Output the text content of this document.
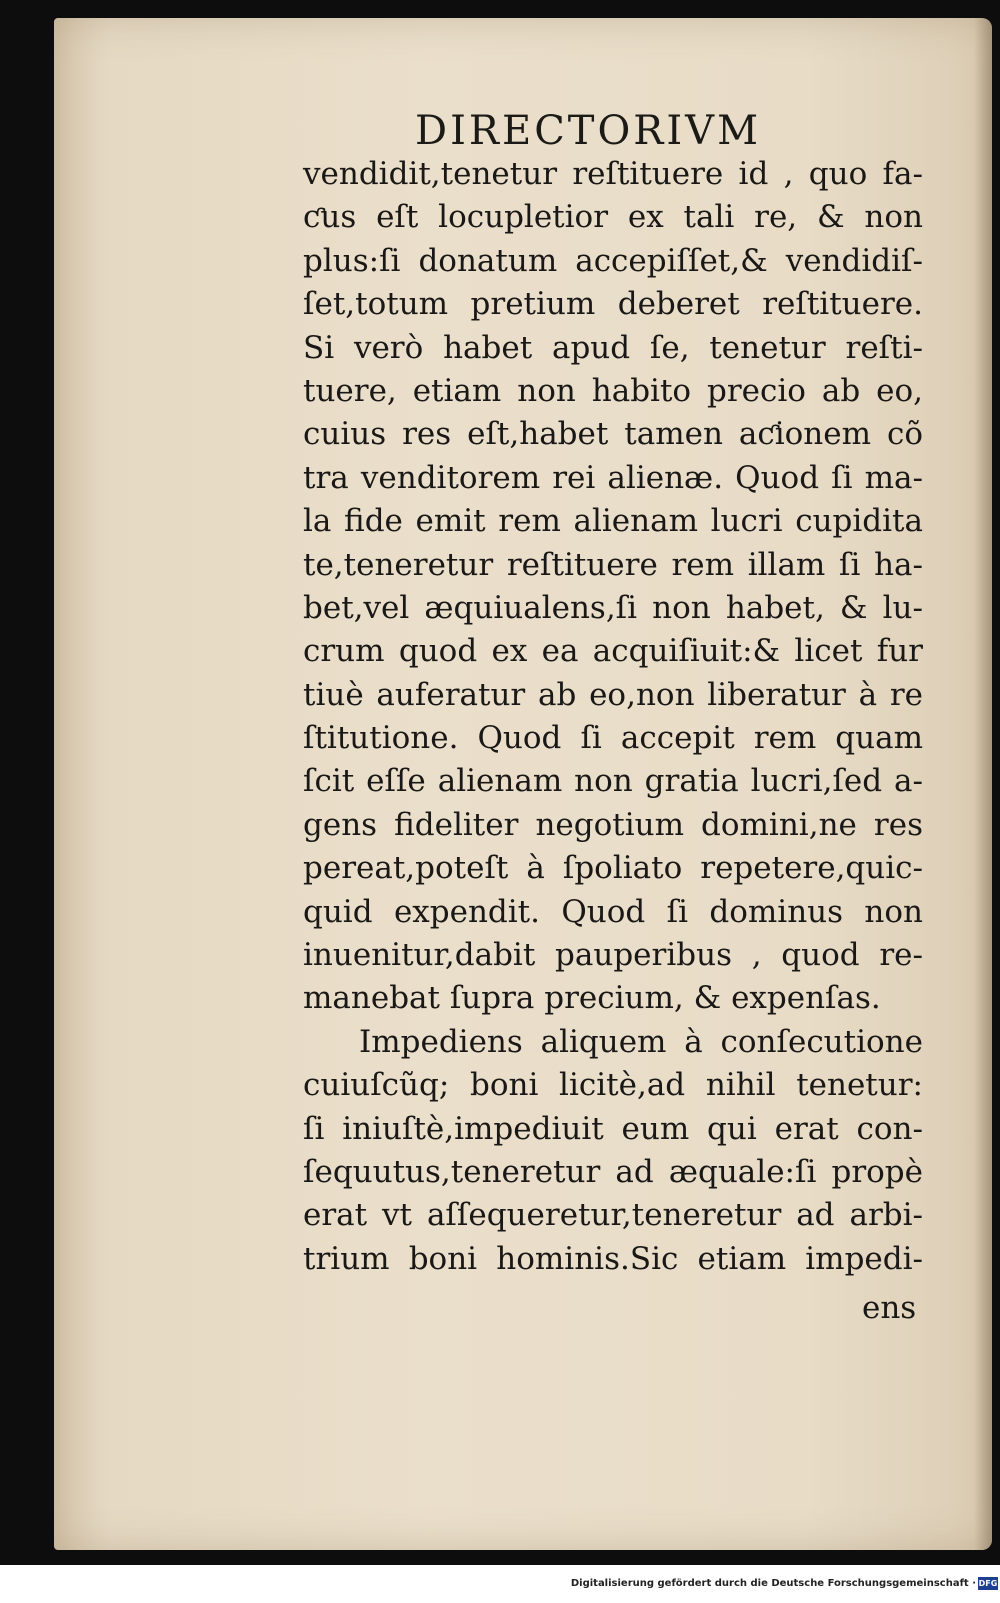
DIRECTORIVM
vendidit,tenetur reſtituere id , quo fa-
ƈus eſt locupletior ex tali re, & non
plus:ſi donatum accepiſſet,& vendidiſ-
ſet,totum pretium deberet reſtituere.
Si verò habet apud ſe, tenetur reſti-
tuere, etiam non habito precio ab eo,
cuius res eſt,habet tamen aƈionem cõ
tra venditorem rei alienæ. Quod ſi ma-
la fide emit rem alienam lucri cupidita
te,teneretur reſtituere rem illam ſi ha-
bet,vel æquiualens,ſi non habet, & lu-
crum quod ex ea acquiſiuit:& licet fur
tiuè auferatur ab eo,non liberatur à re
ſtitutione. Quod ſi accepit rem quam
ſcit eſſe alienam non gratia lucri,ſed a-
gens fideliter negotium domini,ne res
pereat,poteſt à ſpoliato repetere,quic-
quid expendit. Quod ſi dominus non
inuenitur,dabit pauperibus , quod re-
manebat ſupra precium, & expenſas.
Impediens aliquem à conſecutione
cuiuſcũq; boni licitè,ad nihil tenetur:
ſi iniuſtè,impediuit eum qui erat con-
ſequutus,teneretur ad æquale:ſi propè
erat vt aſſequeretur,teneretur ad arbi-
trium boni hominis.Sic etiam impedi-
ens
Digitalisierung gefördert durch die Deutsche Forschungsgemeinschaft · DFG
